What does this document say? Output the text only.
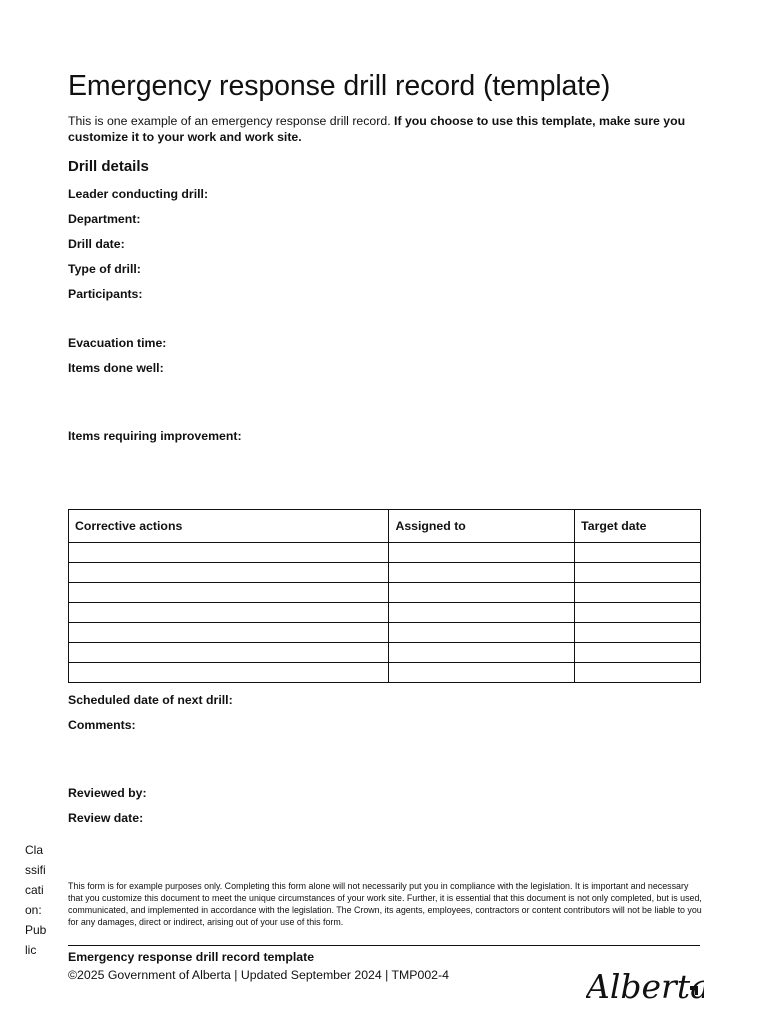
Emergency response drill record (template)
This is one example of an emergency response drill record. If you choose to use this template, make sure you customize it to your work and work site.
Drill details
Leader conducting drill:
Department:
Drill date:
Type of drill:
Participants:
Evacuation time:
Items done well:
Items requiring improvement:
Corrective actions	Assigned to	Target date

Scheduled date of next drill:
Comments:
Reviewed by:
Review date:
Classification: Public
This form is for example purposes only. Completing this form alone will not necessarily put you in compliance with the legislation. It is important and necessary that you customize this document to meet the unique circumstances of your work site. Further, it is essential that this document is not only completed, but is used, communicated, and implemented in accordance with the legislation. The Crown, its agents, employees, contractors or content contributors will not be liable to you for any damages, direct or indirect, arising out of your use of this form.
Emergency response drill record template
©2025 Government of Alberta | Updated September 2024 | TMP002-4	Alberta
